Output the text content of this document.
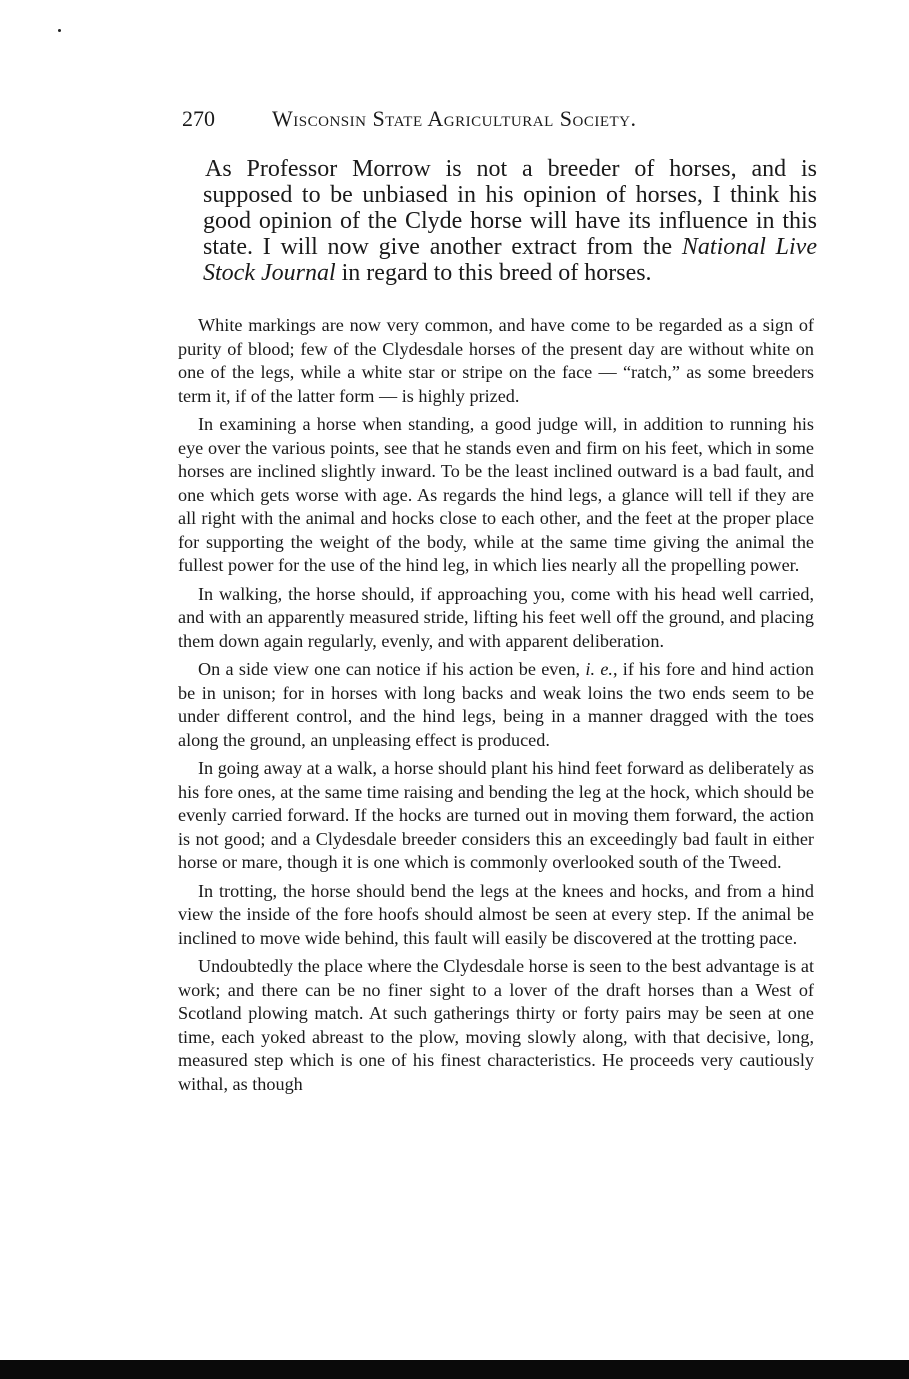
270	Wisconsin State Agricultural Society.
As Professor Morrow is not a breeder of horses, and is supposed to be unbiased in his opinion of horses, I think his good opinion of the Clyde horse will have its influence in this state. I will now give another extract from the National Live Stock Journal in regard to this breed of horses.

White markings are now very common, and have come to be regarded as a sign of purity of blood; few of the Clydesdale horses of the present day are without white on one of the legs, while a white star or stripe on the face — “ratch,” as some breeders term it, if of the latter form — is highly prized.

In examining a horse when standing, a good judge will, in addition to running his eye over the various points, see that he stands even and firm on his feet, which in some horses are inclined slightly inward. To be the least inclined outward is a bad fault, and one which gets worse with age. As regards the hind legs, a glance will tell if they are all right with the animal and hocks close to each other, and the feet at the proper place for supporting the weight of the body, while at the same time giving the animal the fullest power for the use of the hind leg, in which lies nearly all the propelling power.

In walking, the horse should, if approaching you, come with his head well carried, and with an apparently measured stride, lifting his feet well off the ground, and placing them down again regularly, evenly, and with apparent deliberation.

On a side view one can notice if his action be even, i. e., if his fore and hind action be in unison; for in horses with long backs and weak loins the two ends seem to be under different control, and the hind legs, being in a manner dragged with the toes along the ground, an unpleasing effect is produced.

In going away at a walk, a horse should plant his hind feet forward as deliberately as his fore ones, at the same time raising and bending the leg at the hock, which should be evenly carried forward. If the hocks are turned out in moving them forward, the action is not good; and a Clydesdale breeder considers this an exceedingly bad fault in either horse or mare, though it is one which is commonly overlooked south of the Tweed.

In trotting, the horse should bend the legs at the knees and hocks, and from a hind view the inside of the fore hoofs should almost be seen at every step. If the animal be inclined to move wide behind, this fault will easily be discovered at the trotting pace.

Undoubtedly the place where the Clydesdale horse is seen to the best advantage is at work; and there can be no finer sight to a lover of the draft horses than a West of Scotland plowing match. At such gatherings thirty or forty pairs may be seen at one time, each yoked abreast to the plow, moving slowly along, with that decisive, long, measured step which is one of his finest characteristics. He proceeds very cautiously withal, as though
